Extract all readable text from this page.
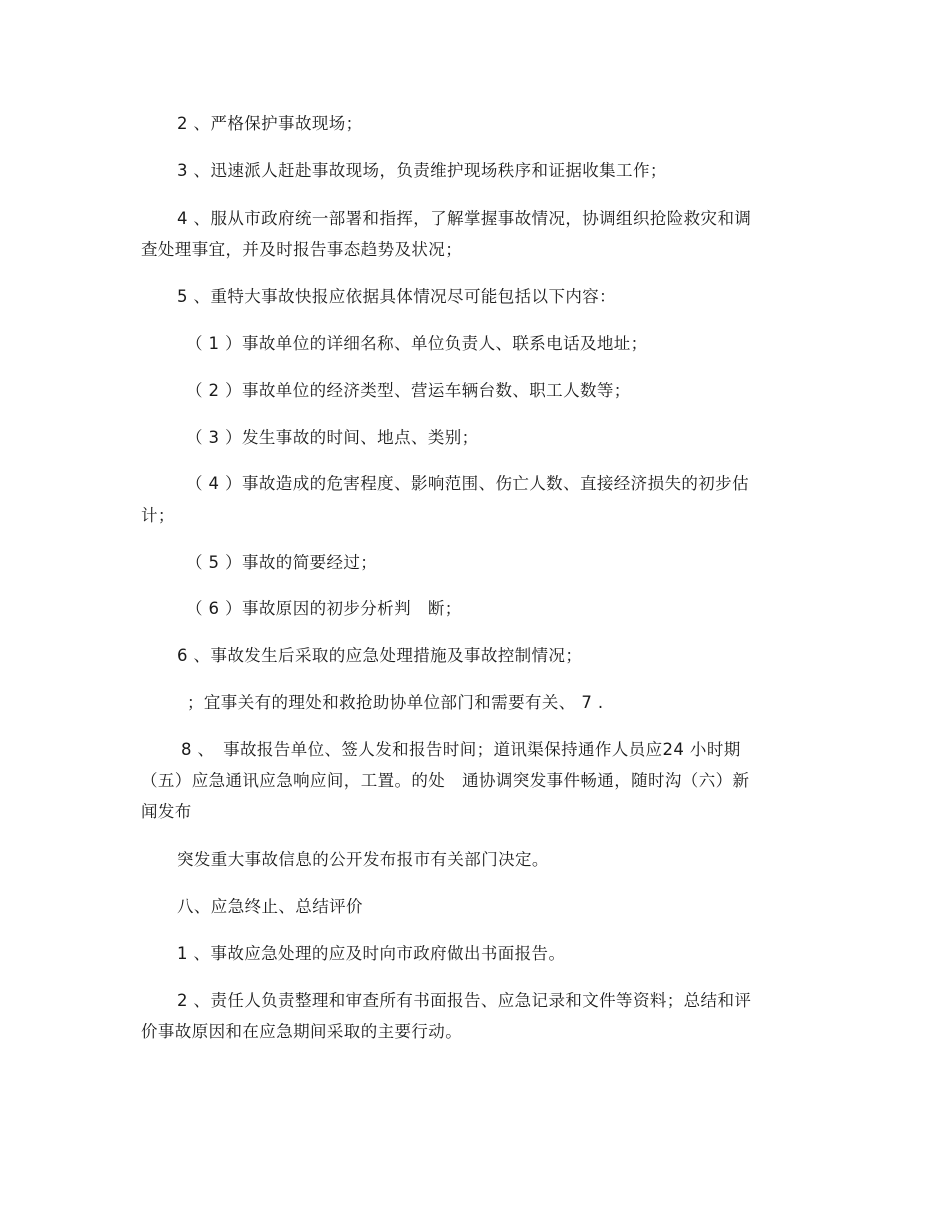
2 、严格保护事故现场；
3 、迅速派人赶赴事故现场，负责维护现场秩序和证据收集工作；
4 、服从市政府统一部署和指挥，了解掌握事故情况，协调组织抢险救灾和调
查处理事宜，并及时报告事态趋势及状况；
5 、重特大事故快报应依据具体情况尽可能包括以下内容：
（ 1 ）事故单位的详细名称、单位负责人、联系电话及地址；
（ 2 ）事故单位的经济类型、营运车辆台数、职工人数等；
（ 3 ）发生事故的时间、地点、类别；
（ 4 ）事故造成的危害程度、影响范围、伤亡人数、直接经济损失的初步估
计；
（ 5 ）事故的简要经过；
（ 6 ）事故原因的初步分析判　断；
6 、事故发生后采取的应急处理措施及事故控制情况；
；宜事关有的理处和救抢助协单位部门和需要有关、 7 .
8 、　事故报告单位、签人发和报告时间；道讯渠保持通作人员应24 小时期
（五）应急通讯应急响应间，工置。的处　通协调突发事件畅通，随时沟（六）新
闻发布
突发重大事故信息的公开发布报市有关部门决定。
八、应急终止、总结评价
1 、事故应急处理的应及时向市政府做出书面报告。
2 、责任人负责整理和审查所有书面报告、应急记录和文件等资料；总结和评
价事故原因和在应急期间采取的主要行动。
